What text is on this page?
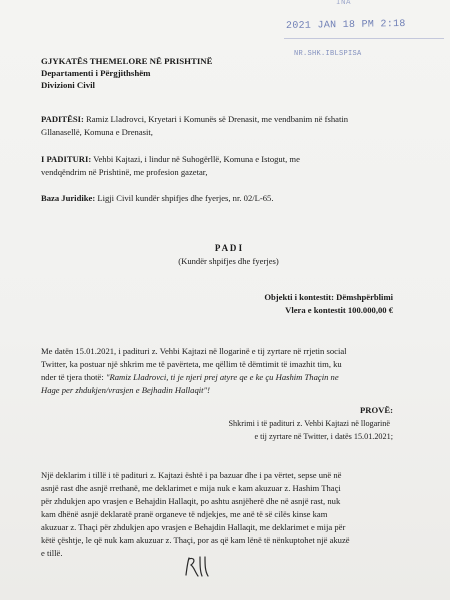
INA
2021 JAN 18 PM 2:18
NR.SHK.IBLSPISA
GJYKATËS THEMELORE NË PRISHTINË
Departamenti i Përgjithshëm
Divizioni Civil
PADITËSI: Ramiz Lladrovci, Kryetari i Komunës së Drenasit, me vendbanim në fshatin
Gllanasellë, Komuna e Drenasit,
I PADITURI: Vehbi Kajtazi, i lindur në Suhogërllë, Komuna e Istogut, me
vendqëndrim në Prishtinë, me profesion gazetar,
Baza Juridike: Ligji Civil kundër shpifjes dhe fyerjes, nr. 02/L-65.
P A D I
(Kundër shpifjes dhe fyerjes)
Objekti i kontestit: Dëmshpërblimi
Vlera e kontestit 100.000,00 €
Me datën 15.01.2021, i padituri z. Vehbi Kajtazi në llogarinë e tij zyrtare në rrjetin social
Twitter, ka postuar një shkrim me të pavërteta, me qëllim të dëmtimit të imazhit tim, ku
nder të tjera thotë: "Ramiz Lladrovci, ti je njeri prej atyre qe e ke çu Hashim Thaçin ne
Hage per zhdukjen/vrasjen e Bejhadin Hallaqit"!
PROVË:
Shkrimi i të padituri z. Vehbi Kajtazi në llogarinë
e tij zyrtare në Twitter, i datës 15.01.2021;
Një deklarim i tillë i të padituri z. Kajtazi është i pa bazuar dhe i pa vërtet, sepse unë në
asnjë rast dhe asnjë rrethanë, me deklarimet e mija nuk e kam akuzuar z. Hashim Thaçi
për zhdukjen apo vrasjen e Behajdin Hallaqit, po ashtu asnjëherë dhe në asnjë rast, nuk
kam dhënë asnjë deklaratë pranë organeve të ndjekjes, me anë të së cilës kinse kam
akuzuar z. Thaçi për zhdukjen apo vrasjen e Behajdin Hallaqit, me deklarimet e mija për
këtë çështje, le që nuk kam akuzuar z. Thaçi, por as që kam lënë të nënkuptohet një akuzë
e tillë.
